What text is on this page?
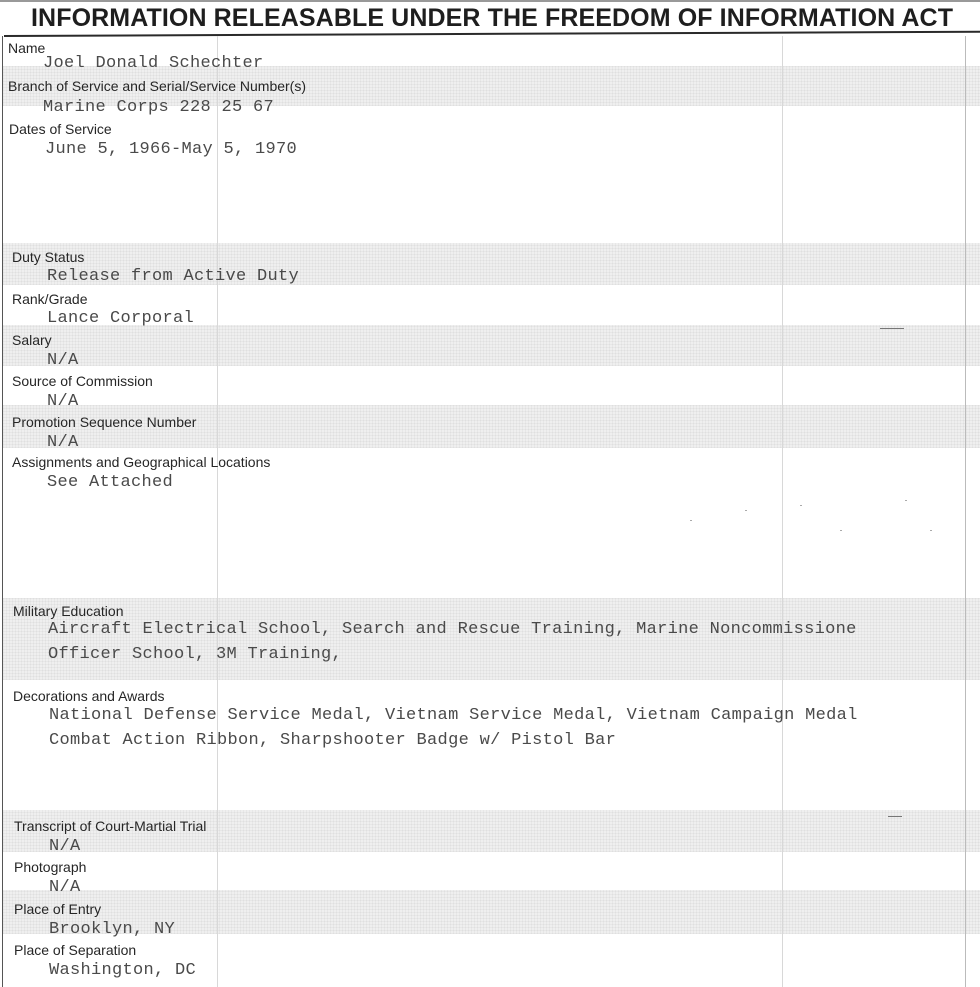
INFORMATION RELEASABLE UNDER THE FREEDOM OF INFORMATION ACT
Name
Joel Donald Schechter
Branch of Service and Serial/Service Number(s)
Marine Corps 228 25 67
Dates of Service
June 5, 1966-May 5, 1970
Duty Status
Release from Active Duty
Rank/Grade
Lance Corporal
Salary
N/A
Source of Commission
N/A
Promotion Sequence Number
N/A
Assignments and Geographical Locations
See Attached
Military Education
Aircraft Electrical School, Search and Rescue Training, Marine Noncommissione
Officer School, 3M Training,
Decorations and Awards
National Defense Service Medal, Vietnam Service Medal, Vietnam Campaign Medal
Combat Action Ribbon, Sharpshooter Badge w/ Pistol Bar
Transcript of Court-Martial Trial
N/A
Photograph
N/A
Place of Entry
Brooklyn, NY
Place of Separation
Washington, DC
